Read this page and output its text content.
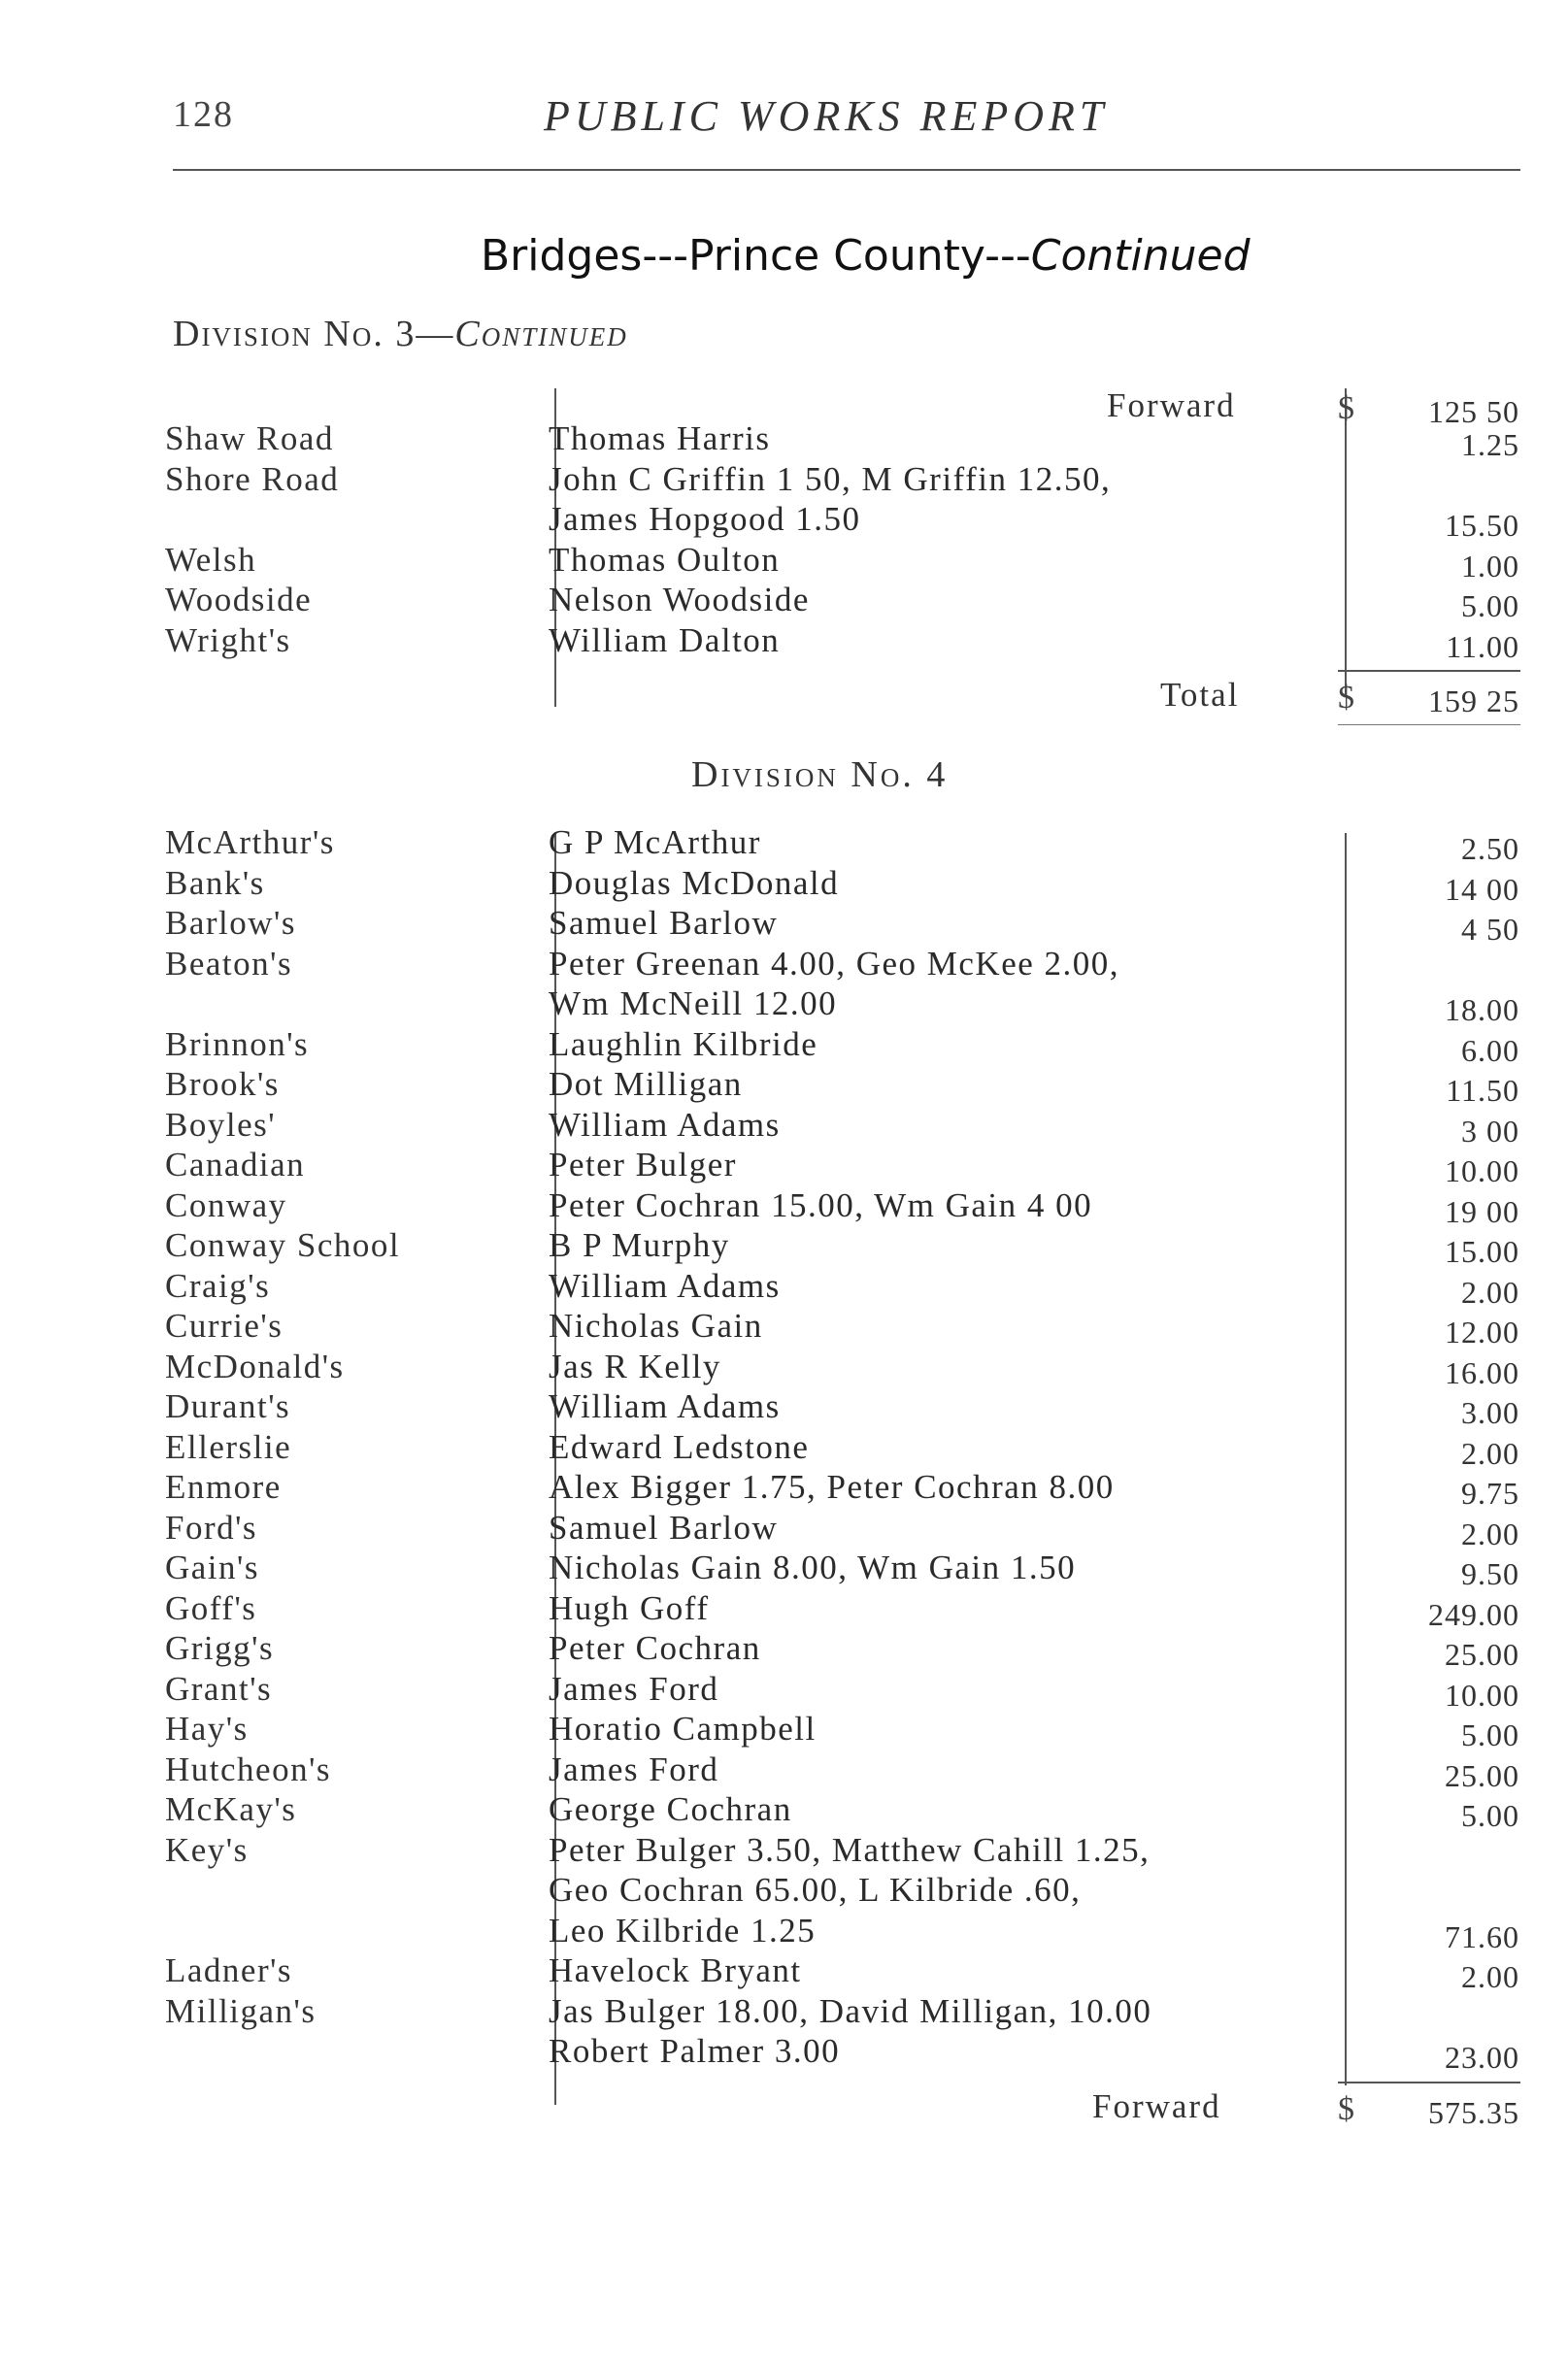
128	PUBLIC WORKS REPORT
Bridges---Prince County---Continued
Division No. 3—Continued
Forward	$	125 50
Shaw Road	Thomas Harris	1.25
Shore Road	John C Griffin 1 50, M Griffin 12.50,
James Hopgood 1.50	15.50
Welsh	Thomas Oulton	1.00
Woodside	Nelson Woodside	5.00
Wright's	William Dalton	11.00
Total	$	159 25
Division No. 4
McArthur's	G P McArthur	2.50
Bank's	Douglas McDonald	14 00
Barlow's	Samuel Barlow	4 50
Beaton's	Peter Greenan 4.00, Geo McKee 2.00,
Wm McNeill 12.00	18.00
Brinnon's	Laughlin Kilbride	6.00
Brook's	Dot Milligan	11.50
Boyles'	William Adams	3 00
Canadian	Peter Bulger	10.00
Conway	Peter Cochran 15.00, Wm Gain 4 00	19 00
Conway School	B P Murphy	15.00
Craig's	William Adams	2.00
Currie's	Nicholas Gain	12.00
McDonald's	Jas R Kelly	16.00
Durant's	William Adams	3.00
Ellerslie	Edward Ledstone	2.00
Enmore	Alex Bigger 1.75, Peter Cochran 8.00	9.75
Ford's	Samuel Barlow	2.00
Gain's	Nicholas Gain 8.00, Wm Gain 1.50	9.50
Goff's	Hugh Goff	249.00
Grigg's	Peter Cochran	25.00
Grant's	James Ford	10.00
Hay's	Horatio Campbell	5.00
Hutcheon's	James Ford	25.00
McKay's	George Cochran	5.00
Key's	Peter Bulger 3.50, Matthew Cahill 1.25,
Geo Cochran 65.00, L Kilbride .60,
Leo Kilbride 1.25	71.60
Ladner's	Havelock Bryant	2.00
Milligan's	Jas Bulger 18.00, David Milligan, 10.00
Robert Palmer 3.00	23.00
Forward	$	575.35
